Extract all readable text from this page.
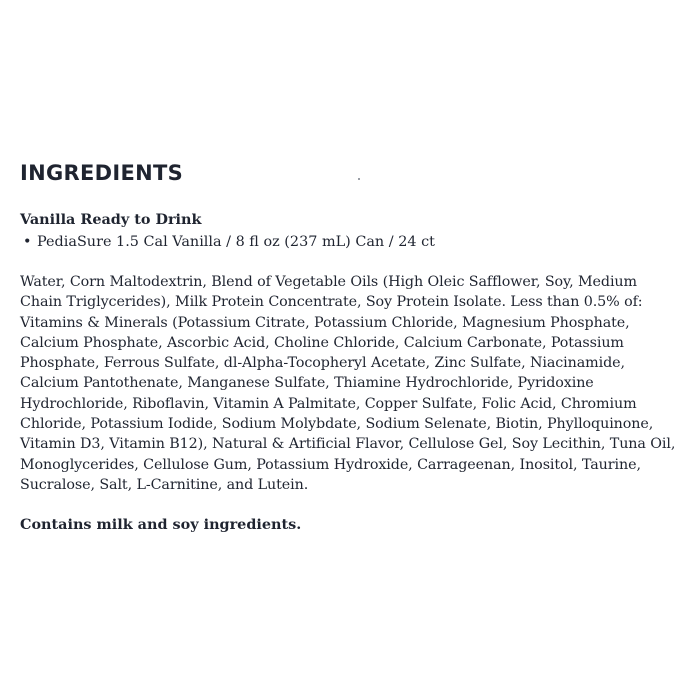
INGREDIENTS
Vanilla Ready to Drink
• PediaSure 1.5 Cal Vanilla / 8 fl oz (237 mL) Can / 24 ct

Water, Corn Maltodextrin, Blend of Vegetable Oils (High Oleic Safflower, Soy, Medium Chain Triglycerides), Milk Protein Concentrate, Soy Protein Isolate. Less than 0.5% of: Vitamins & Minerals (Potassium Citrate, Potassium Chloride, Magnesium Phosphate, Calcium Phosphate, Ascorbic Acid, Choline Chloride, Calcium Carbonate, Potassium Phosphate, Ferrous Sulfate, dl-Alpha-Tocopheryl Acetate, Zinc Sulfate, Niacinamide, Calcium Pantothenate, Manganese Sulfate, Thiamine Hydrochloride, Pyridoxine Hydrochloride, Riboflavin, Vitamin A Palmitate, Copper Sulfate, Folic Acid, Chromium Chloride, Potassium Iodide, Sodium Molybdate, Sodium Selenate, Biotin, Phylloquinone, Vitamin D3, Vitamin B12), Natural & Artificial Flavor, Cellulose Gel, Soy Lecithin, Tuna Oil, Monoglycerides, Cellulose Gum, Potassium Hydroxide, Carrageenan, Inositol, Taurine, Sucralose, Salt, L-Carnitine, and Lutein.

Contains milk and soy ingredients.
